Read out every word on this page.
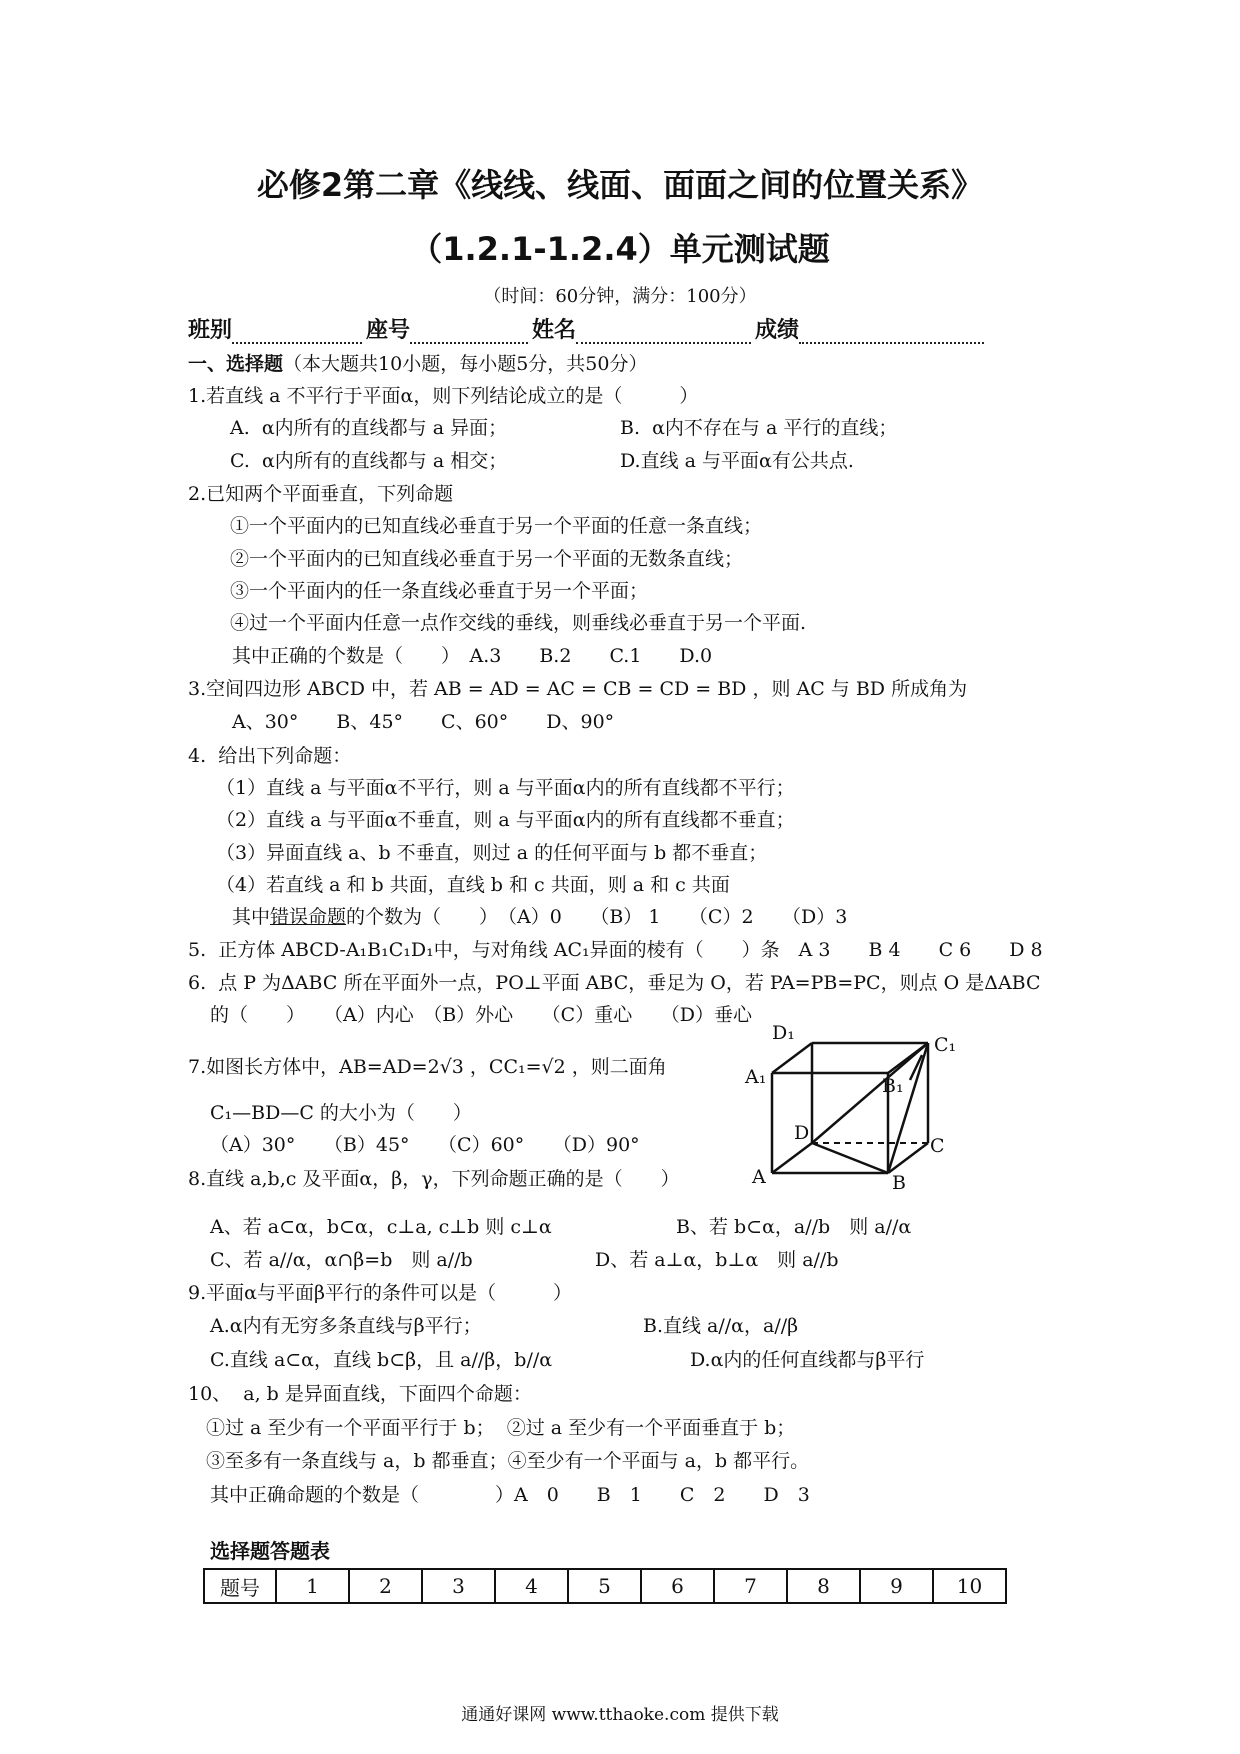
必修2第二章《线线、线面、面面之间的位置关系》
（1.2.1-1.2.4）单元测试题
（时间：60分钟，满分：100分）
班别	座号	姓名	成绩
一、选择题（本大题共10小题，每小题5分，共50分）
1.若直线 a 不平行于平面α，则下列结论成立的是（　　　）
A.  α内所有的直线都与 a 异面；	B.  α内不存在与 a 平行的直线；
C.  α内所有的直线都与 a 相交；	D.直线 a 与平面α有公共点.
2.已知两个平面垂直，下列命题
①一个平面内的已知直线必垂直于另一个平面的任意一条直线；
②一个平面内的已知直线必垂直于另一个平面的无数条直线；
③一个平面内的任一条直线必垂直于另一个平面；
④过一个平面内任意一点作交线的垂线，则垂线必垂直于另一个平面.
其中正确的个数是（　　）　A.3　　B.2　　C.1　　D.0
3.空间四边形 ABCD 中，若 AB = AD = AC = CB = CD = BD ，则 AC 与 BD 所成角为
A、30°　　B、45°　　C、60°　　D、90°
4.  给出下列命题：
（1）直线 a 与平面α不平行，则 a 与平面α内的所有直线都不平行；
（2）直线 a 与平面α不垂直，则 a 与平面α内的所有直线都不垂直；
（3）异面直线 a、b 不垂直，则过 a 的任何平面与 b 都不垂直；
（4）若直线 a 和 b 共面，直线 b 和 c 共面，则 a 和 c 共面
其中错误命题的个数为（　　）　（A）0　　（B） 1　　（C）2　　（D）3
5.  正方体 ABCD-A₁B₁C₁D₁中，与对角线 AC₁异面的棱有（　　）条　A 3　　B 4　　C 6　　D 8
6.  点 P 为ΔABC 所在平面外一点，PO⊥平面 ABC，垂足为 O，若 PA=PB=PC，则点 O 是ΔABC
的（　　）　　（A）内心　（B）外心　　（C）重心　　（D）垂心
7.如图长方体中，AB=AD=2√3 ，CC₁=√2 ，则二面角
C₁—BD—C 的大小为（　　）
（A）30°　　（B）45°　　（C）60°　　（D）90°
D₁
C₁
A₁	B₁
D
C
A	B
8.直线 a,b,c 及平面α，β，γ，下列命题正确的是（　　）
A、若 a⊂α，b⊂α，c⊥a, c⊥b 则 c⊥α	B、若 b⊂α，a//b　则 a//α
C、若 a//α，α∩β=b　则 a//b	D、若 a⊥α，b⊥α　则 a//b
9.平面α与平面β平行的条件可以是（　　　）
A.α内有无穷多条直线与β平行；	B.直线 a//α，a//β
C.直线 a⊂α，直线 b⊂β，且 a//β，b//α	D.α内的任何直线都与β平行
10、  a, b 是异面直线，下面四个命题：
①过 a 至少有一个平面平行于 b；  ②过 a 至少有一个平面垂直于 b；
③至多有一条直线与 a，b 都垂直；④至少有一个平面与 a，b 都平行。
其中正确命题的个数是（　　　　）A　0　　B　1　　C　2　　D　3
选择题答题表
题号	1	2	3	4	5	6	7	8	9	10
通通好课网 www.tthaoke.com 提供下载
